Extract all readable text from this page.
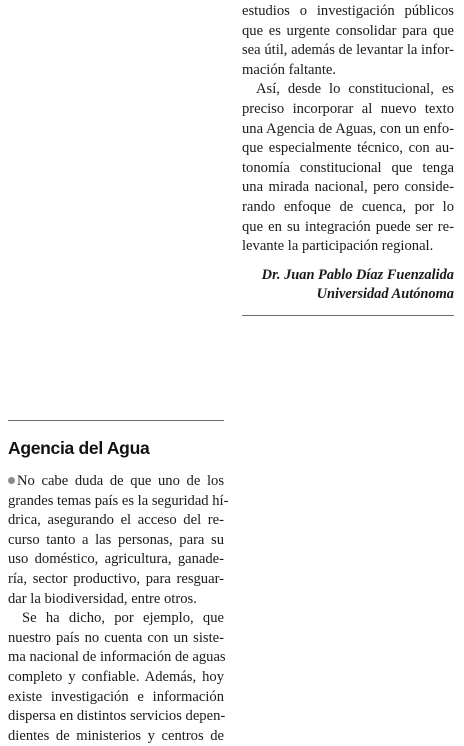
estudios o investigación públicos
que es urgente consolidar para que
sea útil, además de levantar la infor-
mación faltante.

Así, desde lo constitucional, es
preciso incorporar al nuevo texto
una Agencia de Aguas, con un enfo-
que especialmente técnico, con au-
tonomía constitucional que tenga
una mirada nacional, pero conside-
rando enfoque de cuenca, por lo
que en su integración puede ser re-
levante la participación regional.

Dr. Juan Pablo Díaz Fuenzalida
Universidad Autónoma
Agencia del Agua

No cabe duda de que uno de los
grandes temas país es la seguridad hí-
drica, asegurando el acceso del re-
curso tanto a las personas, para su
uso doméstico, agricultura, ganade-
ría, sector productivo, para resguar-
dar la biodiversidad, entre otros.

Se ha dicho, por ejemplo, que
nuestro país no cuenta con un siste-
ma nacional de información de aguas
completo y confiable. Además, hoy
existe investigación e información
dispersa en distintos servicios depen-
dientes de ministerios y centros de
